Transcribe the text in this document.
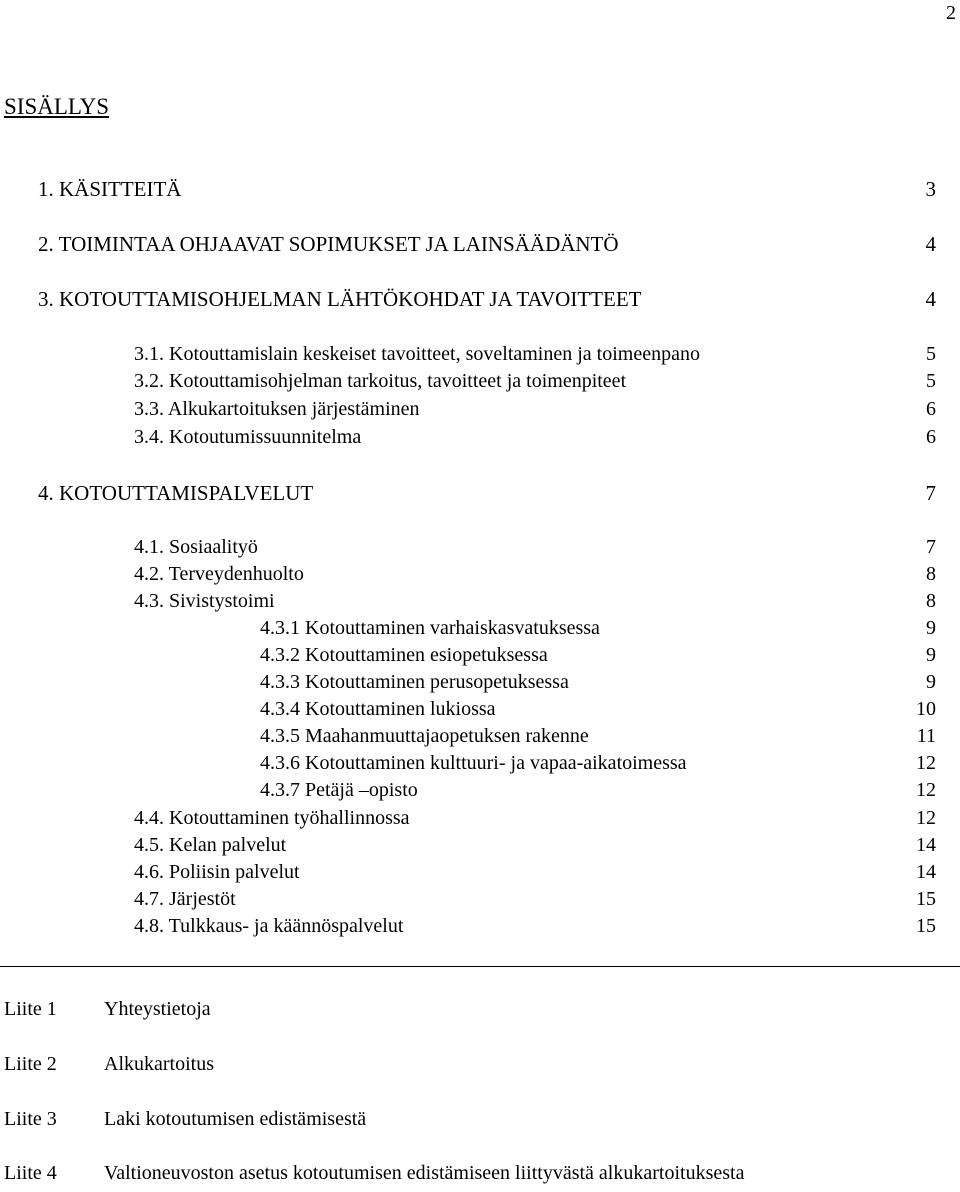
2
SISÄLLYS
1. KÄSITTEITÄ	3
2. TOIMINTAA OHJAAVAT SOPIMUKSET JA LAINSÄÄDÄNTÖ	4
3. KOTOUTTAMISOHJELMAN LÄHTÖKOHDAT JA TAVOITTEET	4
3.1. Kotouttamislain keskeiset tavoitteet, soveltaminen ja toimeenpano	5
3.2. Kotouttamisohjelman tarkoitus, tavoitteet ja toimenpiteet	5
3.3. Alkukartoituksen järjestäminen	6
3.4. Kotoutumissuunnitelma	6
4. KOTOUTTAMISPALVELUT	7
4.1. Sosiaalityö	7
4.2. Terveydenhuolto	8
4.3. Sivistystoimi	8
4.3.1 Kotouttaminen varhaiskasvatuksessa	9
4.3.2 Kotouttaminen esiopetuksessa	9
4.3.3 Kotouttaminen perusopetuksessa	9
4.3.4 Kotouttaminen lukiossa	10
4.3.5 Maahanmuuttajaopetuksen rakenne	11
4.3.6 Kotouttaminen kulttuuri- ja vapaa-aikatoimessa	12
4.3.7 Petäjä –opisto	12
4.4. Kotouttaminen työhallinnossa	12
4.5. Kelan palvelut	14
4.6. Poliisin palvelut	14
4.7. Järjestöt	15
4.8. Tulkkaus- ja käännöspalvelut	15
Liite 1 Yhteystietoja
Liite 2 Alkukartoitus
Liite 3 Laki kotoutumisen edistämisestä
Liite 4 Valtioneuvoston asetus kotoutumisen edistämiseen liittyvästä alkukartoituksesta
